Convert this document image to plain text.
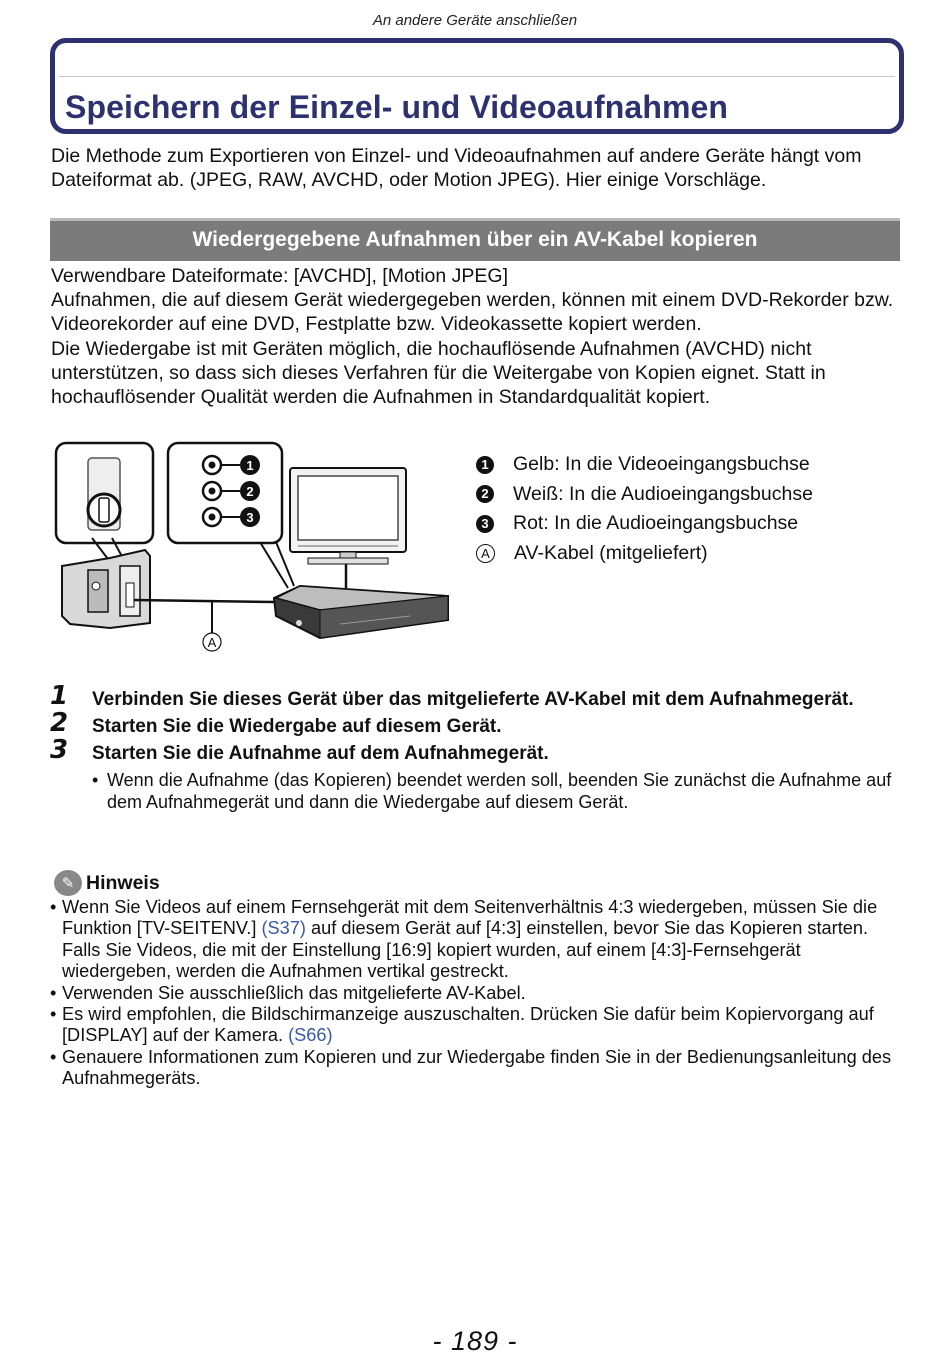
An andere Geräte anschließen
Speichern der Einzel- und Videoaufnahmen

Die Methode zum Exportieren von Einzel- und Videoaufnahmen auf andere Geräte hängt vom Dateiformat ab. (JPEG, RAW, AVCHD, oder Motion JPEG). Hier einige Vorschläge.

Wiedergegebene Aufnahmen über ein AV-Kabel kopieren

Verwendbare Dateiformate: [AVCHD], [Motion JPEG]

Aufnahmen, die auf diesem Gerät wiedergegeben werden, können mit einem DVD-Rekorder bzw. Videorekorder auf eine DVD, Festplatte bzw. Videokassette kopiert werden.

Die Wiedergabe ist mit Geräten möglich, die hochauflösende Aufnahmen (AVCHD) nicht unterstützen, so dass sich dieses Verfahren für die Weitergabe von Kopien eignet. Statt in hochauflösender Qualität werden die Aufnahmen in Standardqualität kopiert.

1
2
3
A
1 Gelb: In die Videoeingangsbuchse
2 Weiß: In die Audioeingangsbuchse
3 Rot: In die Audioeingangsbuchse
A AV-Kabel (mitgeliefert)
1 Verbinden Sie dieses Gerät über das mitgelieferte AV-Kabel mit dem Aufnahmegerät.
2 Starten Sie die Wiedergabe auf diesem Gerät.
3 Starten Sie die Aufnahme auf dem Aufnahmegerät.
• Wenn die Aufnahme (das Kopieren) beendet werden soll, beenden Sie zunächst die Aufnahme auf dem Aufnahmegerät und dann die Wiedergabe auf diesem Gerät.
✎ Hinweis
• Wenn Sie Videos auf einem Fernsehgerät mit dem Seitenverhältnis 4:3 wiedergeben, müssen Sie die Funktion [TV-SEITENV.] (S37) auf diesem Gerät auf [4:3] einstellen, bevor Sie das Kopieren starten. Falls Sie Videos, die mit der Einstellung [16:9] kopiert wurden, auf einem [4:3]-Fernsehgerät wiedergeben, werden die Aufnahmen vertikal gestreckt.
• Verwenden Sie ausschließlich das mitgelieferte AV-Kabel.
• Es wird empfohlen, die Bildschirmanzeige auszuschalten. Drücken Sie dafür beim Kopiervorgang auf [DISPLAY] auf der Kamera. (S66)
• Genauere Informationen zum Kopieren und zur Wiedergabe finden Sie in der Bedienungsanleitung des Aufnahmegeräts.
- 189 -
